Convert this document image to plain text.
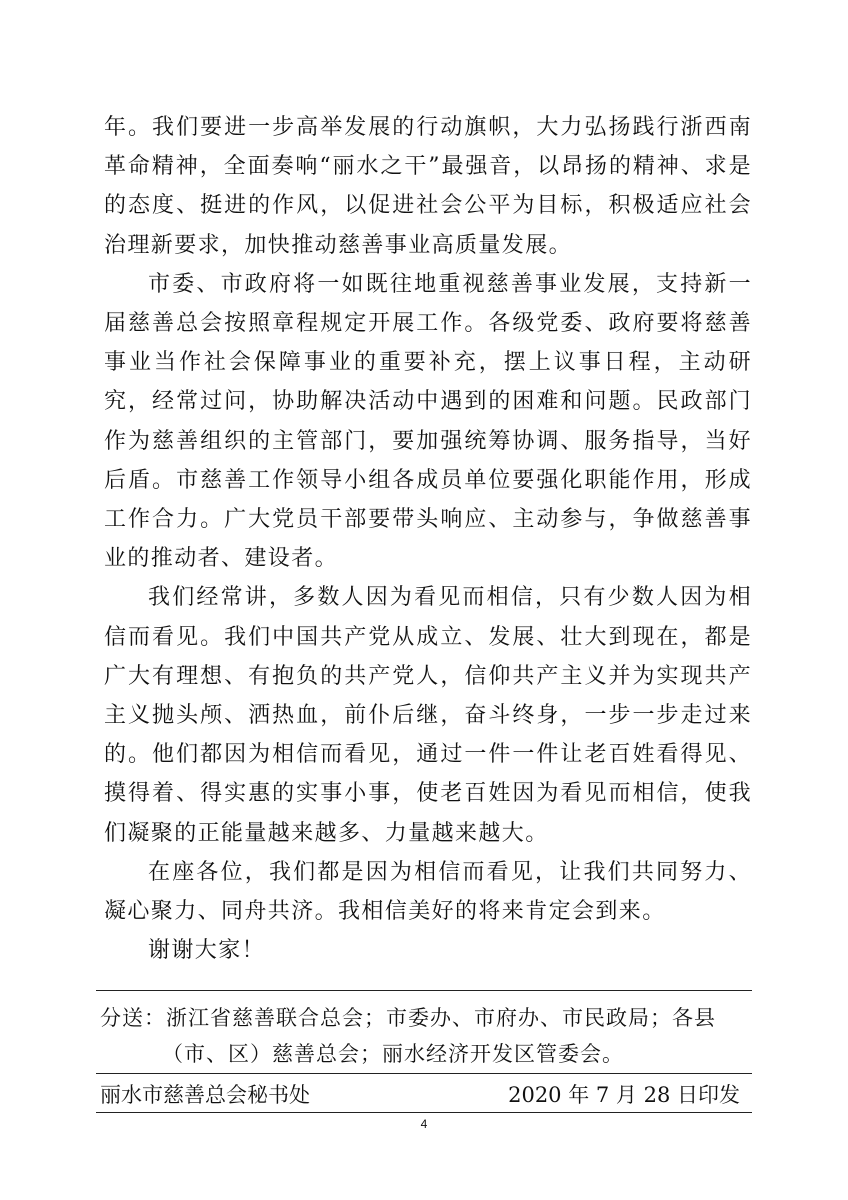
年。我们要进一步高举发展的行动旗帜，大力弘扬践行浙西南革命精神，全面奏响“丽水之干”最强音，以昂扬的精神、求是的态度、挺进的作风，以促进社会公平为目标，积极适应社会治理新要求，加快推动慈善事业高质量发展。

市委、市政府将一如既往地重视慈善事业发展，支持新一届慈善总会按照章程规定开展工作。各级党委、政府要将慈善事业当作社会保障事业的重要补充，摆上议事日程，主动研究，经常过问，协助解决活动中遇到的困难和问题。民政部门作为慈善组织的主管部门，要加强统筹协调、服务指导，当好后盾。市慈善工作领导小组各成员单位要强化职能作用，形成工作合力。广大党员干部要带头响应、主动参与，争做慈善事业的推动者、建设者。

我们经常讲，多数人因为看见而相信，只有少数人因为相信而看见。我们中国共产党从成立、发展、壮大到现在，都是广大有理想、有抱负的共产党人，信仰共产主义并为实现共产主义抛头颅、洒热血，前仆后继，奋斗终身，一步一步走过来的。他们都因为相信而看见，通过一件一件让老百姓看得见、摸得着、得实惠的实事小事，使老百姓因为看见而相信，使我们凝聚的正能量越来越多、力量越来越大。

在座各位，我们都是因为相信而看见，让我们共同努力、凝心聚力、同舟共济。我相信美好的将来肯定会到来。

谢谢大家！

分送：浙江省慈善联合总会；市委办、市府办、市民政局；各县
（市、区）慈善总会；丽水经济开发区管委会。
丽水市慈善总会秘书处	2020 年 7 月 28 日印发
4
